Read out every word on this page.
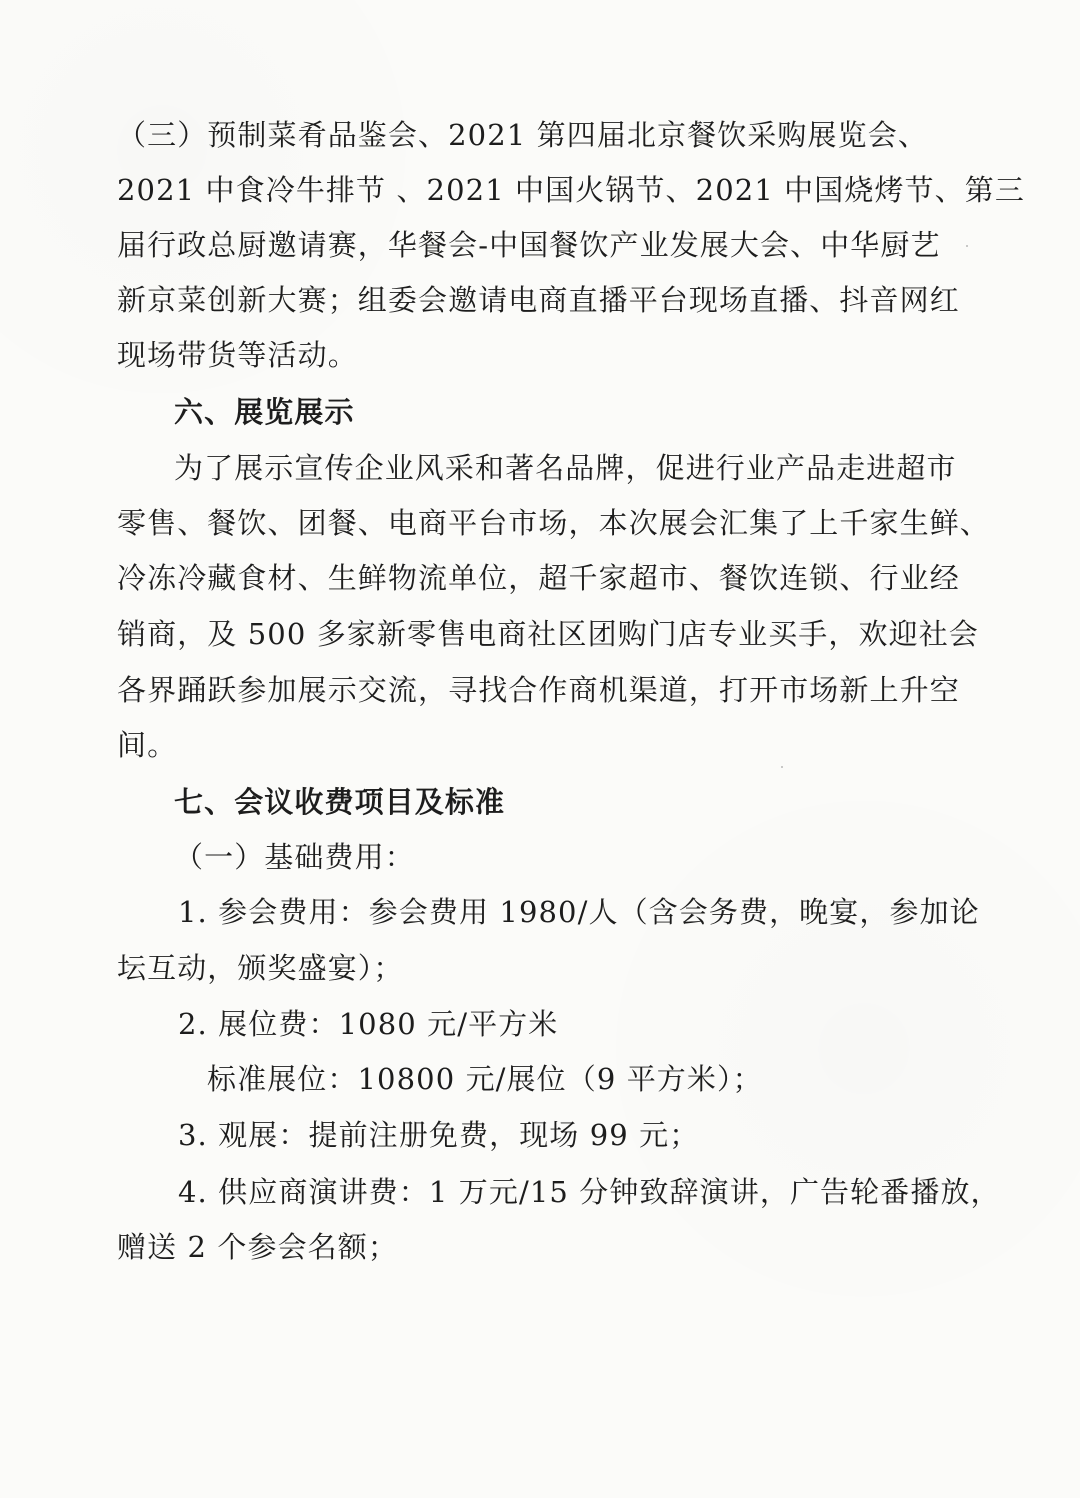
（三）预制菜肴品鉴会、2021 第四届北京餐饮采购展览会、
2021 中食冷牛排节 、2021 中国火锅节、2021 中国烧烤节、第三
届行政总厨邀请赛，华餐会-中国餐饮产业发展大会、中华厨艺
新京菜创新大赛；组委会邀请电商直播平台现场直播、抖音网红
现场带货等活动。
六、展览展示
为了展示宣传企业风采和著名品牌，促进行业产品走进超市
零售、餐饮、团餐、电商平台市场，本次展会汇集了上千家生鲜、
冷冻冷藏食材、生鲜物流单位，超千家超市、餐饮连锁、行业经
销商，及 500 多家新零售电商社区团购门店专业买手，欢迎社会
各界踊跃参加展示交流，寻找合作商机渠道，打开市场新上升空
间。
七、会议收费项目及标准
（一）基础费用：
1. 参会费用：参会费用 1980/人（含会务费，晚宴，参加论
坛互动，颁奖盛宴）；
2. 展位费：1080 元/平方米
标准展位：10800 元/展位（9 平方米）；
3. 观展：提前注册免费，现场 99 元；
4. 供应商演讲费：1 万元/15 分钟致辞演讲，广告轮番播放，
赠送 2 个参会名额；
